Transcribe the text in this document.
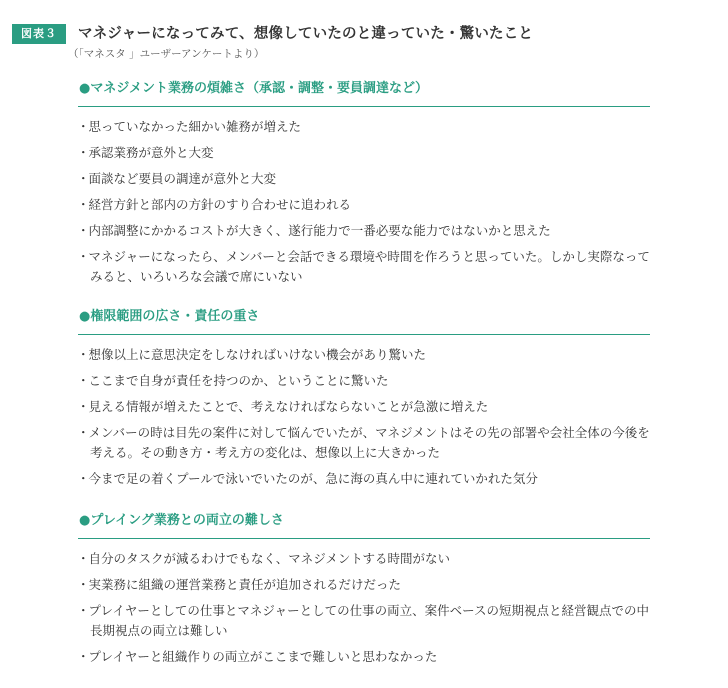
図表３	マネジャーになってみて、想像していたのと違っていた・驚いたこと
（「マネスタ 」ユーザーアンケートより）
●マネジメント業務の煩雑さ（承認・調整・要員調達など）
・ 思っていなかった細かい雑務が増えた
・ 承認業務が意外と大変
・ 面談など要員の調達が意外と大変
・ 経営方針と部内の方針のすり合わせに追われる
・ 内部調整にかかるコストが大きく、遂行能力で一番必要な能力ではないかと思えた
・ マネジャーになったら、メンバーと会話できる環境や時間を作ろうと思っていた。しかし実際なってみると、いろいろな会議で席にいない
●権限範囲の広さ・責任の重さ
・ 想像以上に意思決定をしなければいけない機会があり驚いた
・ ここまで自身が責任を持つのか、ということに驚いた
・ 見える情報が増えたことで、考えなければならないことが急激に増えた
・ メンバーの時は目先の案件に対して悩んでいたが、マネジメントはその先の部署や会社全体の今後を考える。その動き方・考え方の変化は、想像以上に大きかった
・ 今まで足の着くプールで泳いでいたのが、急に海の真ん中に連れていかれた気分
●プレイング業務との両立の難しさ
・ 自分のタスクが減るわけでもなく、マネジメントする時間がない
・ 実業務に組織の運営業務と責任が追加されるだけだった
・ プレイヤーとしての仕事とマネジャーとしての仕事の両立、案件ベースの短期視点と経営観点での中長期視点の両立は難しい
・ プレイヤーと組織作りの両立がここまで難しいと思わなかった
